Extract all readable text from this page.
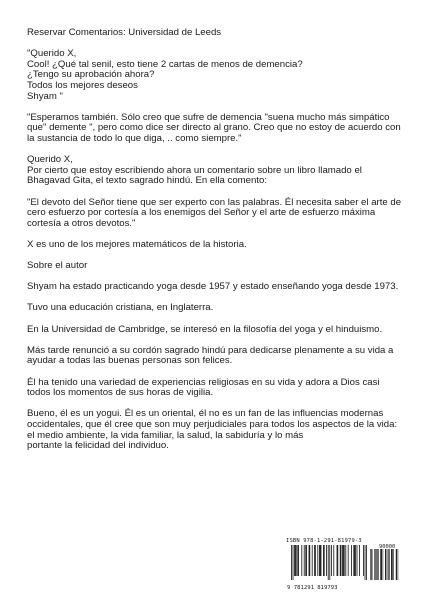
Reservar Comentarios: Universidad de Leeds

"Querido X,
Cool! ¿Qué tal senil, esto tiene 2 cartas de menos de demencia?
¿Tengo su aprobación ahora?
Todos los mejores deseos
Shyam "

"Esperamos también. Sólo creo que sufre de demencia "suena mucho más simpático que" demente ", pero como dice ser directo al grano. Creo que no estoy de acuerdo con la sustancia de todo lo que diga, .. como siempre."

Querido X,
Por cierto que estoy escribiendo ahora un comentario sobre un libro llamado el Bhagavad Gita, el texto sagrado hindú. En ella comento:

"El devoto del Señor tiene que ser experto con las palabras. Él necesita saber el arte de cero esfuerzo por cortesía a los enemigos del Señor y el arte de esfuerzo máxima cortesía a otros devotos."

X es uno de los mejores matemáticos de la historia.

Sobre el autor

Shyam ha estado practicando yoga desde 1957 y estado enseñando yoga desde 1973.

Tuvo una educación cristiana, en Inglaterra.

En la Universidad de Cambridge, se interesó en la filosofía del yoga y el hinduismo.

Más tarde renunció a su cordón sagrado hindú para dedicarse plenamente a su vida a ayudar a todas las buenas personas son felices.

Él ha tenido una variedad de experiencias religiosas en su vida y adora a Dios casi todos los momentos de sus horas de vigilia.

Bueno, él es un yogui. Él es un oriental, él no es un fan de las influencias modernas occidentales, que él cree que son muy perjudiciales para todos los aspectos de la vida: el medio ambiente, la vida familiar, la salud, la sabiduría y lo más
portante la felicidad del individuo.

ISBN 978-1-291-81979-3
90000
9 781291 819793
